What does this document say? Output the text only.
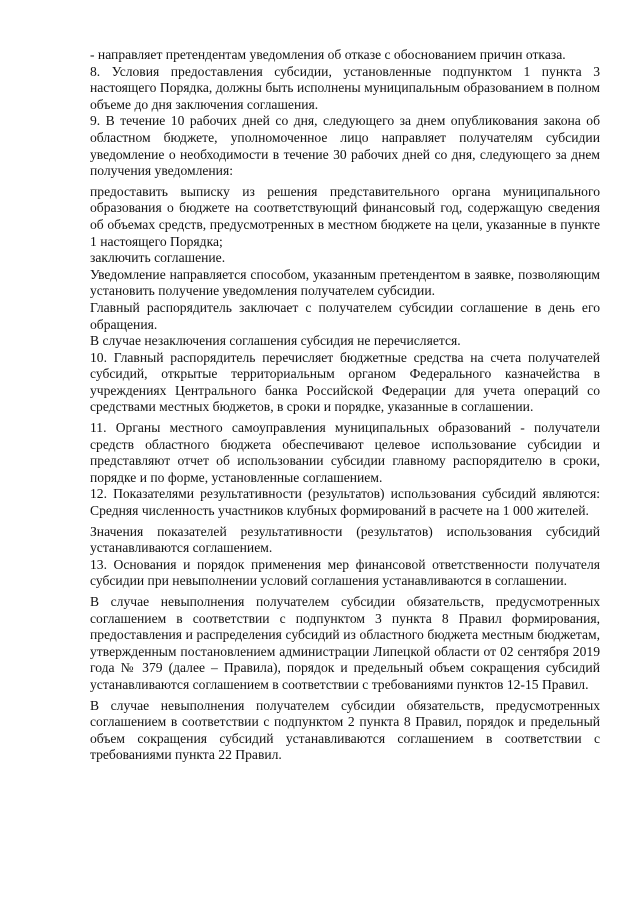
- направляет претендентам уведомления об отказе с обоснованием причин отказа.

8. Условия предоставления субсидии, установленные подпунктом 1 пункта 3 настоящего Порядка, должны быть исполнены муниципальным образованием в полном объеме до дня заключения соглашения.

9. В течение 10 рабочих дней со дня, следующего за днем опубликования закона об областном бюджете, уполномоченное лицо направляет получателям субсидии уведомление о необходимости в течение 30 рабочих дней со дня, следующего за днем получения уведомления:

предоставить выписку из решения представительного органа муниципального образования о бюджете на соответствующий финансовый год, содержащую сведения об объемах средств, предусмотренных в местном бюджете на цели, указанные в пункте 1 настоящего Порядка;

заключить соглашение.

Уведомление направляется способом, указанным претендентом в заявке, позволяющим установить получение уведомления получателем субсидии.

Главный распорядитель заключает с получателем субсидии соглашение в день его обращения.

В случае незаключения соглашения субсидия не перечисляется.

10. Главный распорядитель перечисляет бюджетные средства на счета получателей субсидий, открытые территориальным органом Федерального казначейства в учреждениях Центрального банка Российской Федерации для учета операций со средствами местных бюджетов, в сроки и порядке, указанные в соглашении.

11. Органы местного самоуправления муниципальных образований - получатели средств областного бюджета обеспечивают целевое использование субсидии и представляют отчет об использовании субсидии главному распорядителю в сроки, порядке и по форме, установленные соглашением.

12. Показателями результативности (результатов) использования субсидий являются: Средняя численность участников клубных формирований в расчете на 1 000 жителей.

Значения показателей результативности (результатов) использования субсидий устанавливаются соглашением.

13. Основания и порядок применения мер финансовой ответственности получателя субсидии при невыполнении условий соглашения устанавливаются в соглашении.

В случае невыполнения получателем субсидии обязательств, предусмотренных соглашением в соответствии с подпунктом 3 пункта 8 Правил формирования, предоставления и распределения субсидий из областного бюджета местным бюджетам, утвержденным постановлением администрации Липецкой области от 02 сентября 2019 года № 379 (далее – Правила), порядок и предельный объем сокращения субсидий устанавливаются соглашением в соответствии с требованиями пунктов 12-15 Правил.

В случае невыполнения получателем субсидии обязательств, предусмотренных соглашением в соответствии с подпунктом 2 пункта 8 Правил, порядок и предельный объем сокращения субсидий устанавливаются соглашением в соответствии с требованиями пункта 22 Правил.
